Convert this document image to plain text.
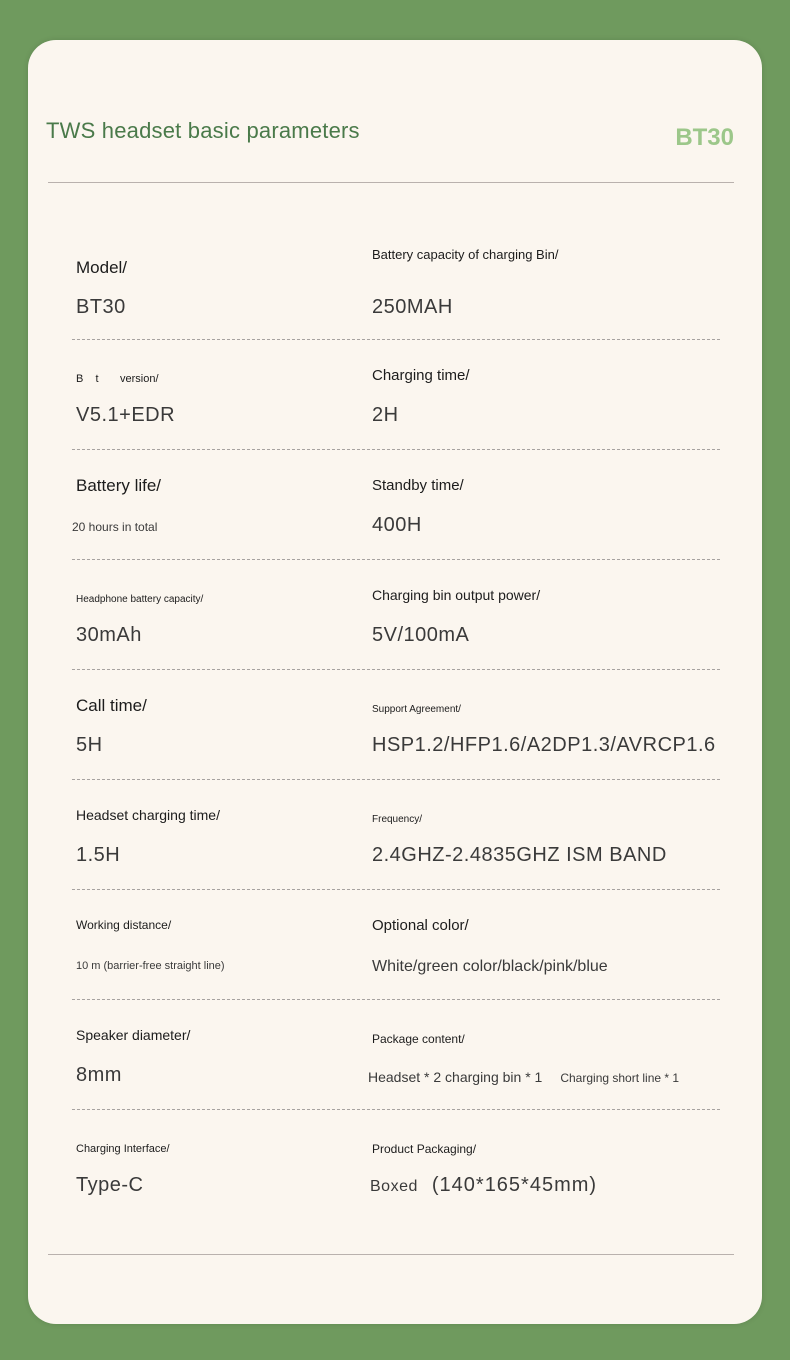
TWS headset basic parameters	BT30
Model/
BT30
Battery capacity of charging Bin/
250MAH
B    t       version/
V5.1+EDR
Charging time/
2H
Battery life/
20 hours in total
Standby time/
400H
Headphone battery capacity/
30mAh
Charging bin output power/
5V/100mA
Call time/
5H
Support Agreement/
HSP1.2/HFP1.6/A2DP1.3/AVRCP1.6
Headset charging time/
1.5H
Frequency/
2.4GHZ-2.4835GHZ ISM BAND
Working distance/
10 m (barrier-free straight line)
Optional color/
White/green color/black/pink/blue
Speaker diameter/
8mm
Package content/
Headset * 2 charging bin * 1 Charging short line * 1
Charging Interface/
Type-C
Product Packaging/
Boxed (140*165*45mm)
